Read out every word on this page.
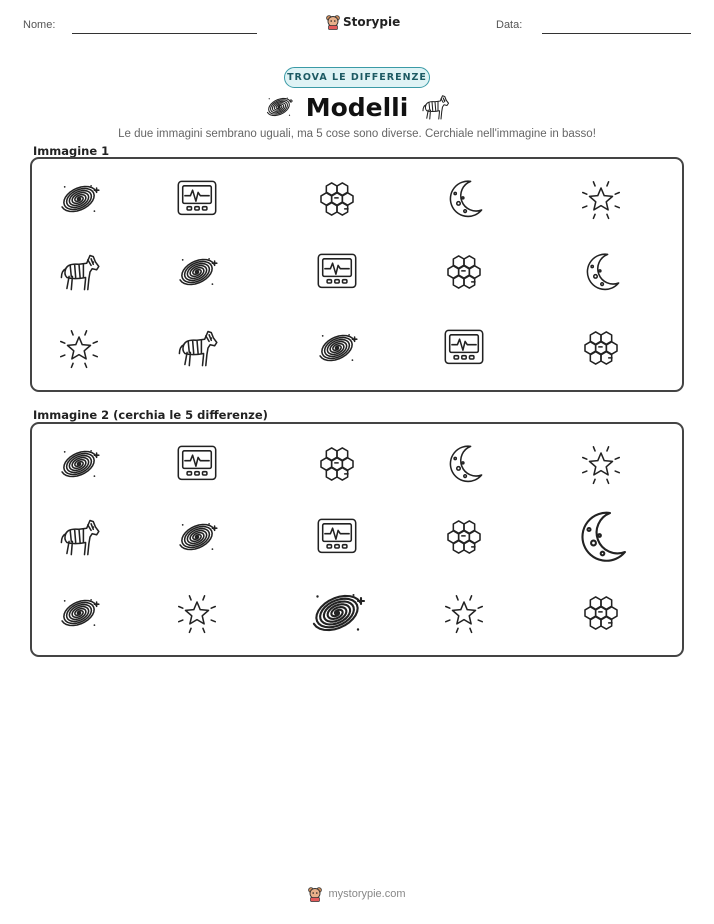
Nome:	Storypie	Data:
TROVA LE DIFFERENZE
Modelli
Le due immagini sembrano uguali, ma 5 cose sono diverse. Cerchiale nell'immagine in basso!
Immagine 1
Immagine 2 (cerchia le 5 differenze)
mystorypie.com
